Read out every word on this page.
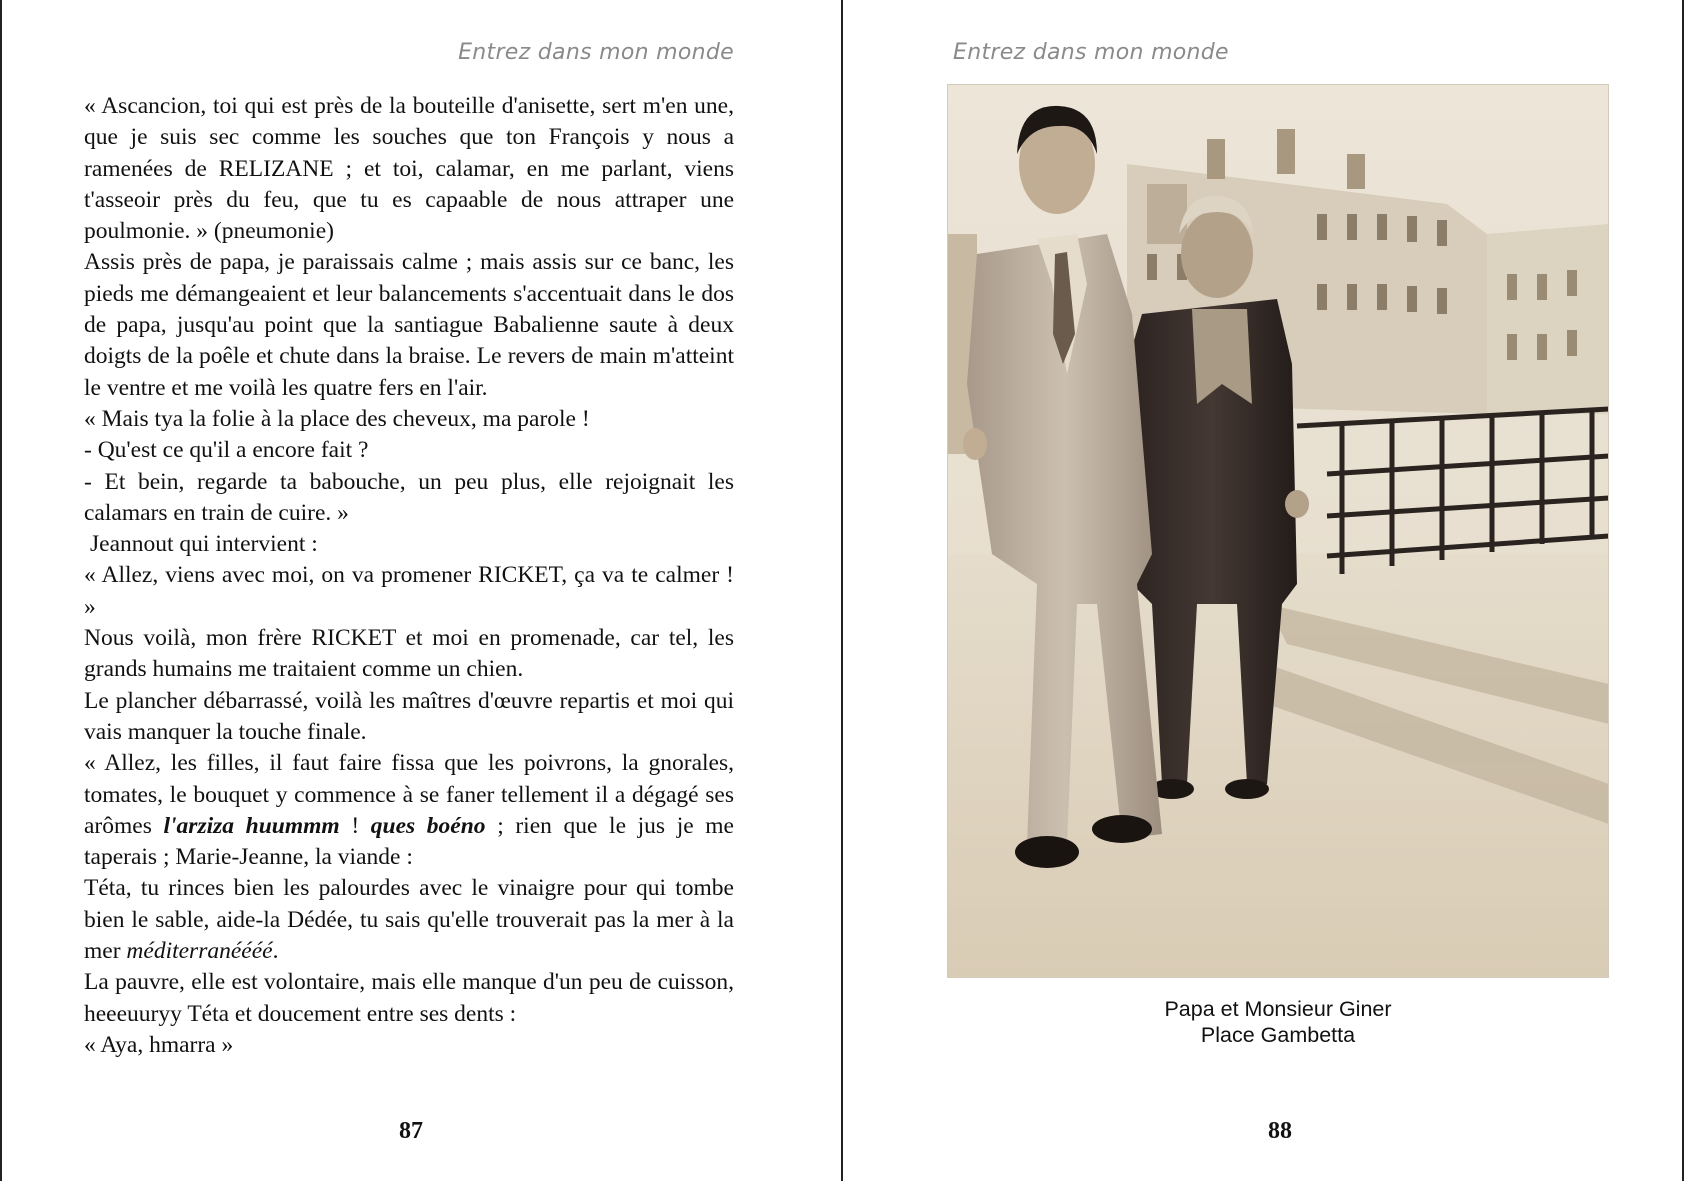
Entrez dans mon monde

« Ascancion, toi qui est près de la bouteille d'anisette, sert m'en une, que je suis sec comme les souches que ton François y nous a ramenées de RELIZANE ; et toi, calamar, en me parlant, viens t'asseoir près du feu, que tu es capaable de nous attraper une poulmonie. » (pneumonie)

Assis près de papa, je paraissais calme ; mais assis sur ce banc, les pieds me démangeaient et leur balancements s'accentuait dans le dos de papa, jusqu'au point que la santiague Babalienne saute à deux doigts de la poêle et chute dans la braise. Le revers de main m'atteint le ventre et me voilà les quatre fers en l'air.

« Mais tya la folie à la place des cheveux, ma parole !

- Qu'est ce qu'il a encore fait ?

- Et bein, regarde ta babouche, un peu plus, elle rejoignait les calamars en train de cuire. »

Jeannout qui intervient :

« Allez, viens avec moi, on va promener RICKET, ça va te calmer ! »

Nous voilà, mon frère RICKET et moi en promenade, car tel, les grands humains me traitaient comme un chien.

Le plancher débarrassé, voilà les maîtres d'œuvre repartis et moi qui vais manquer la touche finale.

« Allez, les filles, il faut faire fissa que les poivrons, la gnorales, tomates, le bouquet y commence à se faner tellement il a dégagé ses arômes l'arziza huummm ! ques boéno ; rien que le jus je me taperais ; Marie-Jeanne, la viande :

Téta, tu rinces bien les palourdes avec le vinaigre pour qui tombe bien le sable, aide-la Dédée, tu sais qu'elle trouverait pas la mer à la mer méditerranéééé.

La pauvre, elle est volontaire, mais elle manque d'un peu de cuisson, heeeuuryy Téta et doucement entre ses dents :

« Aya, hmarra »

87
Entrez dans mon monde
Papa et Monsieur Giner
Place Gambetta
88
